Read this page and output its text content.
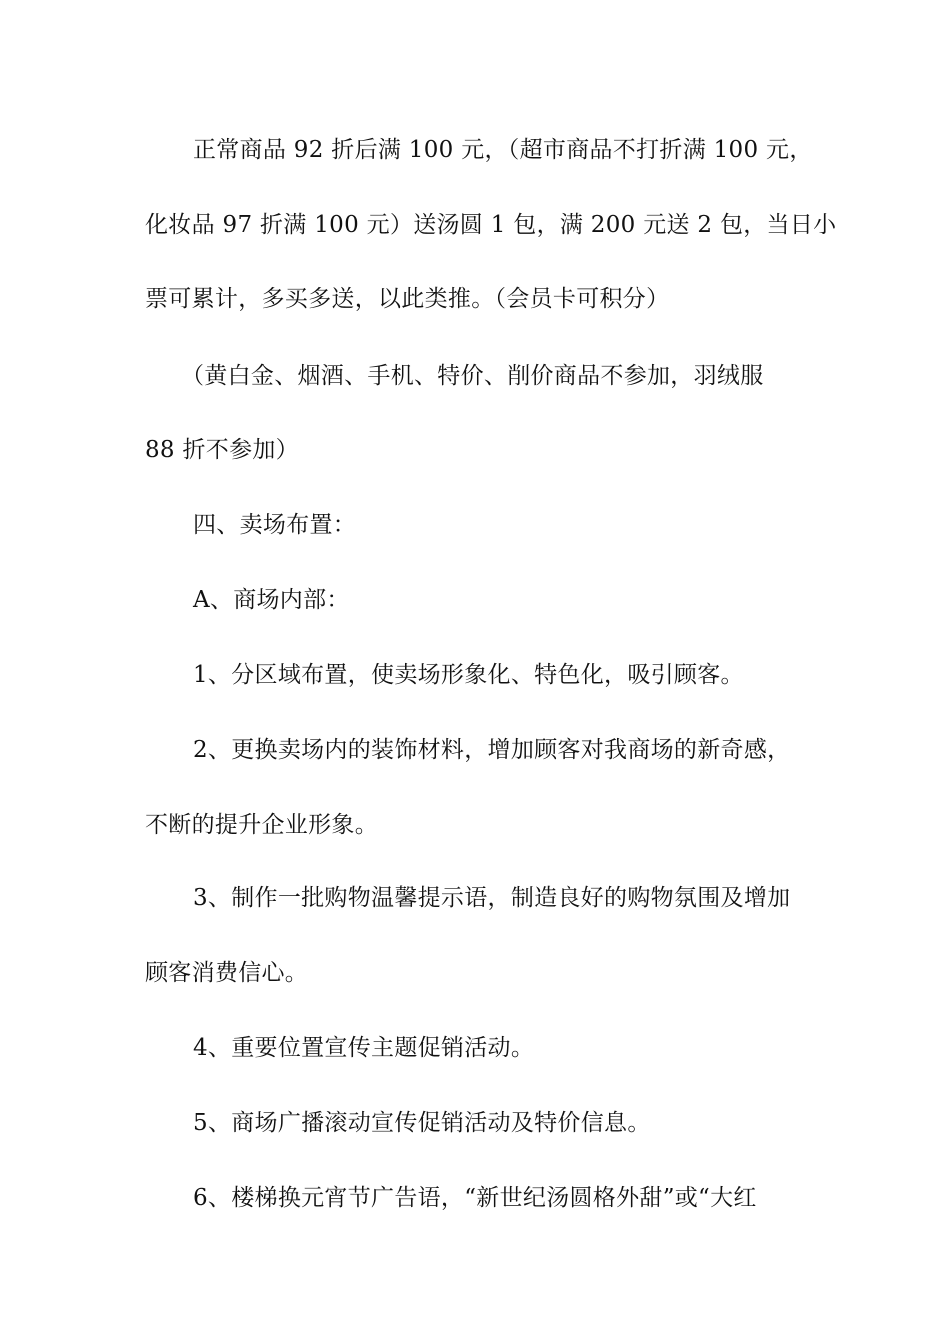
正常商品 92 折后满 100 元，（超市商品不打折满 100 元，
化妆品 97 折满 100 元）送汤圆 1 包，满 200 元送 2 包，当日小
票可累计，多买多送，以此类推。（会员卡可积分）
（黄白金、烟酒、手机、特价、削价商品不参加，羽绒服
88 折不参加）
四、卖场布置：
A、商场内部：
1、分区域布置，使卖场形象化、特色化，吸引顾客。
2、更换卖场内的装饰材料，增加顾客对我商场的新奇感，
不断的提升企业形象。
3、制作一批购物温馨提示语，制造良好的购物氛围及增加
顾客消费信心。
4、重要位置宣传主题促销活动。
5、商场广播滚动宣传促销活动及特价信息。
6、楼梯换元宵节广告语，“新世纪汤圆格外甜”或“大红
